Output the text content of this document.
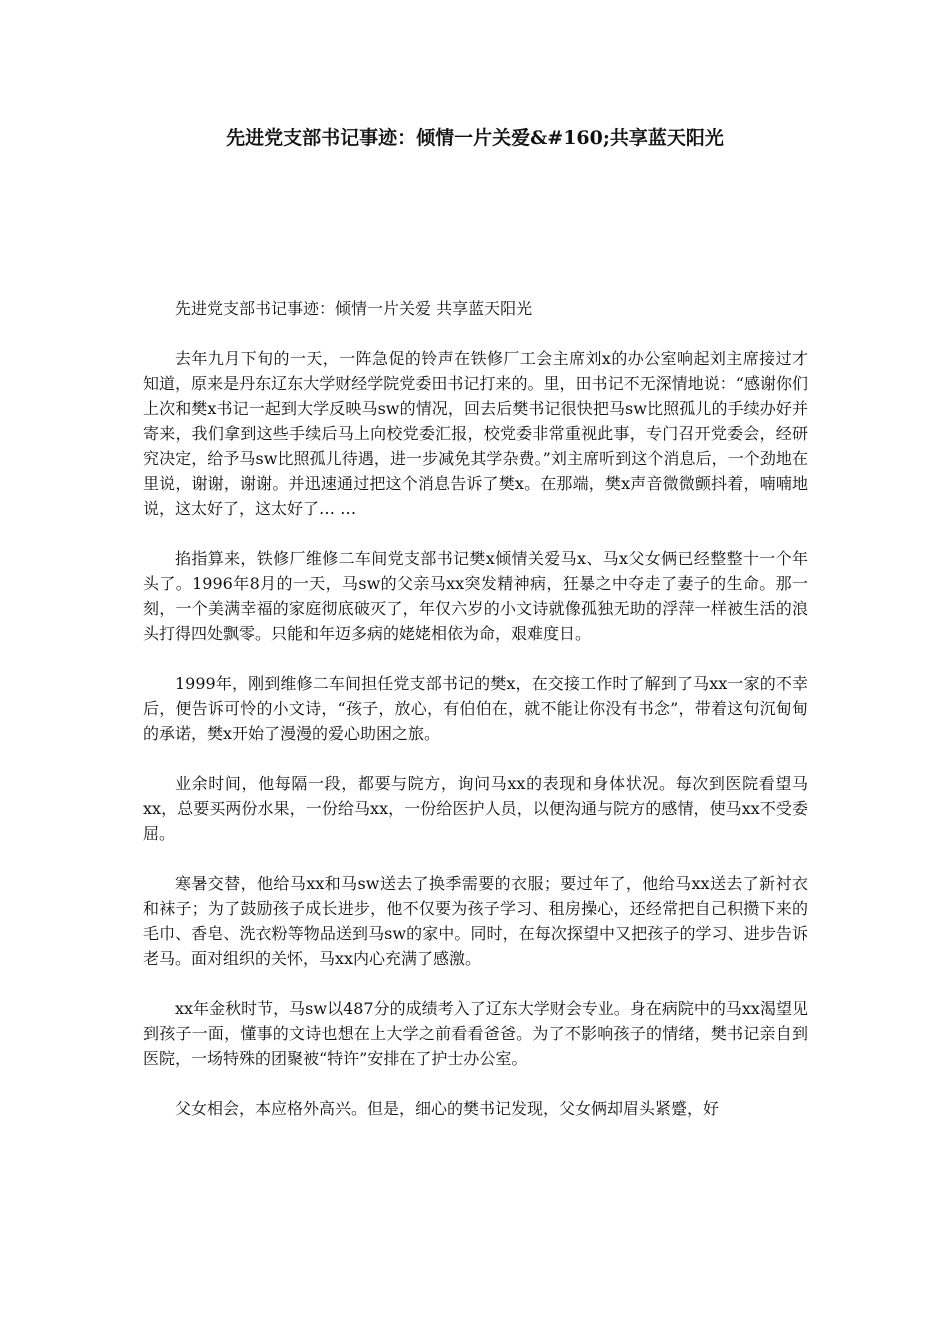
先进党支部书记事迹：倾情一片关爱&#160;共享蓝天阳光

先进党支部书记事迹：倾情一片关爱 共享蓝天阳光

去年九月下旬的一天，一阵急促的铃声在铁修厂工会主席刘x的办公室响起刘主席接过才知道，原来是丹东辽东大学财经学院党委田书记打来的。里，田书记不无深情地说：“感谢你们上次和樊x书记一起到大学反映马sw的情况，回去后樊书记很快把马sw比照孤儿的手续办好并寄来，我们拿到这些手续后马上向校党委汇报，校党委非常重视此事，专门召开党委会，经研究决定，给予马sw比照孤儿待遇，进一步减免其学杂费。”刘主席听到这个消息后，一个劲地在里说，谢谢，谢谢。并迅速通过把这个消息告诉了樊x。在那端，樊x声音微微颤抖着，喃喃地说，这太好了，这太好了… …

掐指算来，铁修厂维修二车间党支部书记樊x倾情关爱马x、马x父女俩已经整整十一个年头了。1996年8月的一天，马sw的父亲马xx突发精神病，狂暴之中夺走了妻子的生命。那一刻，一个美满幸福的家庭彻底破灭了，年仅六岁的小文诗就像孤独无助的浮萍一样被生活的浪头打得四处飘零。只能和年迈多病的姥姥相依为命，艰难度日。

1999年，刚到维修二车间担任党支部书记的樊x，在交接工作时了解到了马xx一家的不幸后，便告诉可怜的小文诗，“孩子，放心，有伯伯在，就不能让你没有书念”，带着这句沉甸甸的承诺，樊x开始了漫漫的爱心助困之旅。

业余时间，他每隔一段，都要与院方，询问马xx的表现和身体状况。每次到医院看望马xx，总要买两份水果，一份给马xx，一份给医护人员，以便沟通与院方的感情，使马xx不受委屈。

寒暑交替，他给马xx和马sw送去了换季需要的衣服；要过年了，他给马xx送去了新衬衣和袜子；为了鼓励孩子成长进步，他不仅要为孩子学习、租房操心，还经常把自己积攒下来的毛巾、香皂、洗衣粉等物品送到马sw的家中。同时，在每次探望中又把孩子的学习、进步告诉老马。面对组织的关怀，马xx内心充满了感激。

xx年金秋时节，马sw以487分的成绩考入了辽东大学财会专业。身在病院中的马xx渴望见到孩子一面，懂事的文诗也想在上大学之前看看爸爸。为了不影响孩子的情绪，樊书记亲自到医院，一场特殊的团聚被“特许”安排在了护士办公室。

父女相会，本应格外高兴。但是，细心的樊书记发现，父女俩却眉头紧蹙，好
